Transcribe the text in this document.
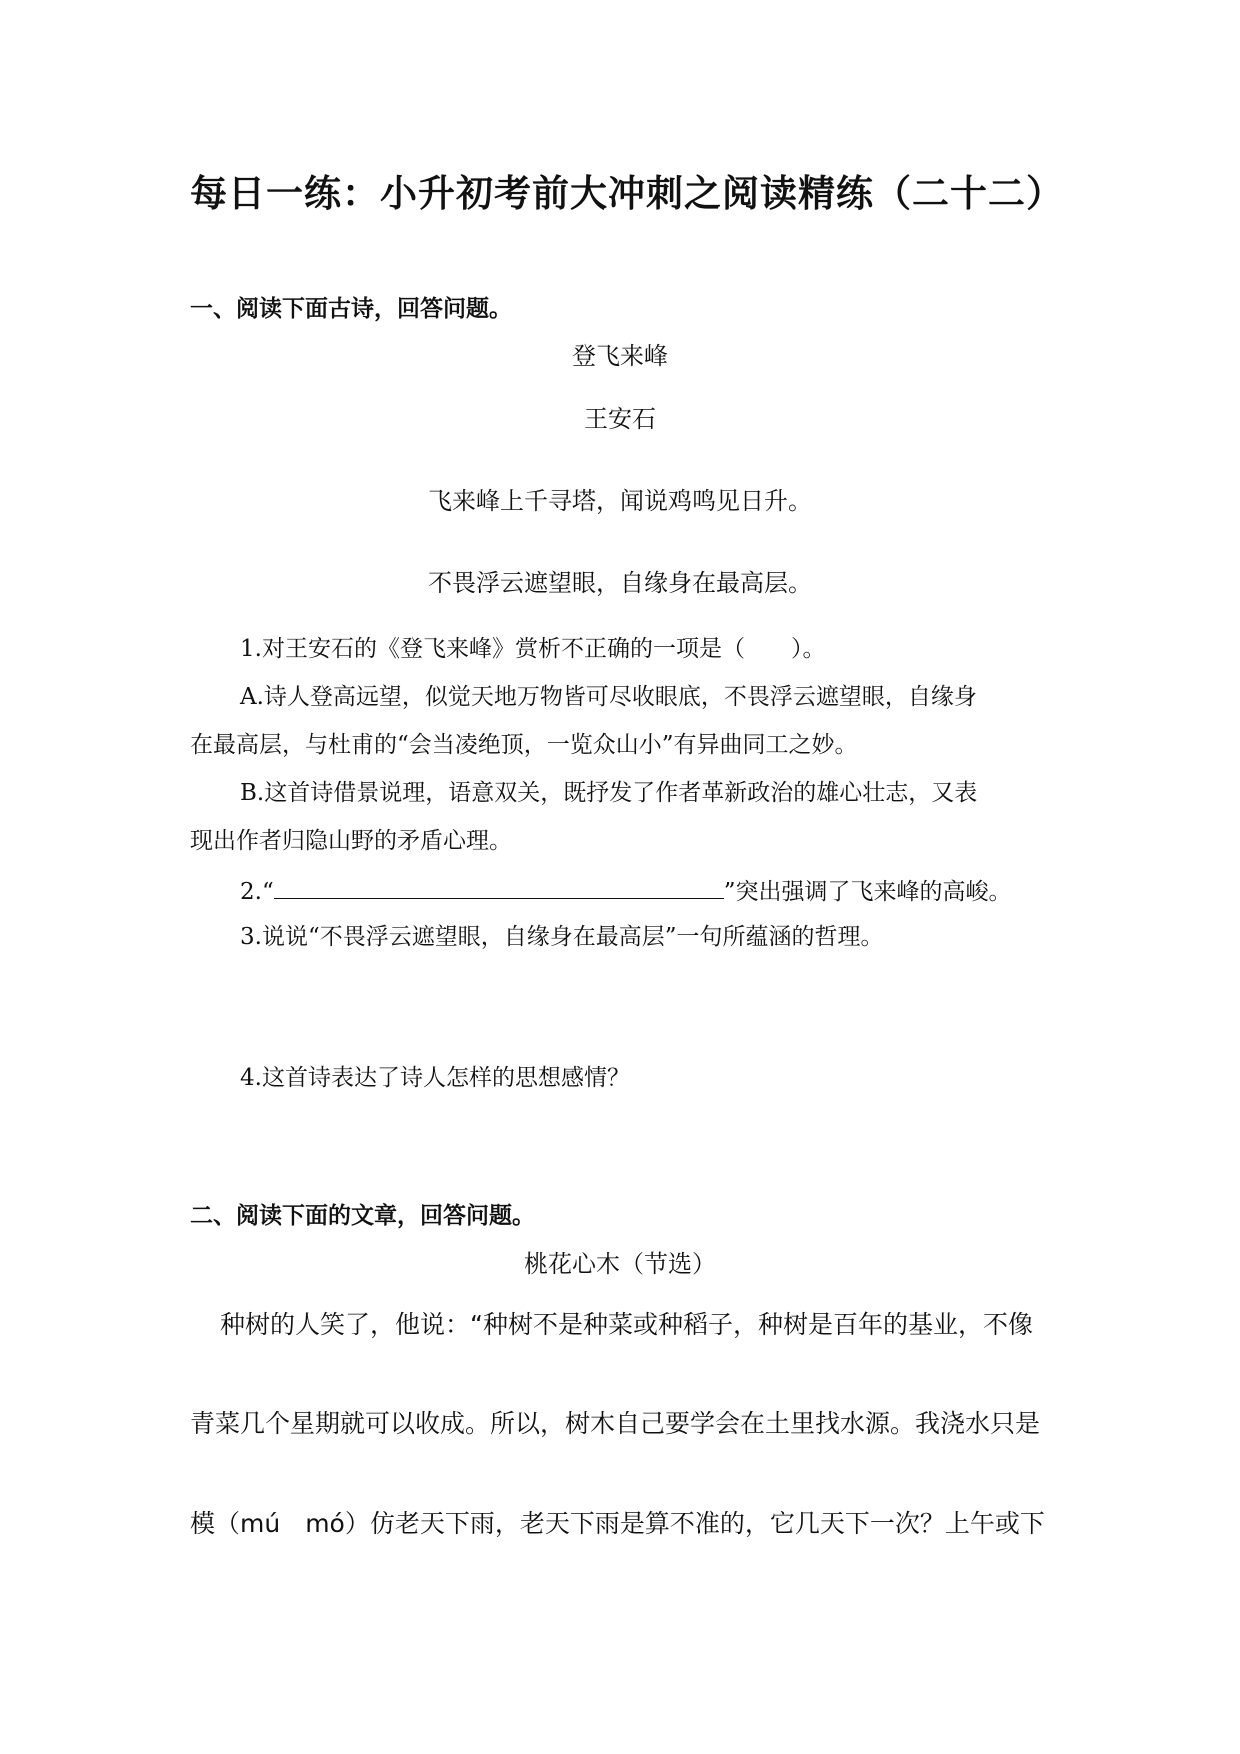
每日一练：小升初考前大冲刺之阅读精练（二十二）
一、阅读下面古诗，回答问题。
登飞来峰
王安石
飞来峰上千寻塔，闻说鸡鸣见日升。
不畏浮云遮望眼，自缘身在最高层。
1.对王安石的《登飞来峰》赏析不正确的一项是（　　）。
A.诗人登高远望，似觉天地万物皆可尽收眼底，不畏浮云遮望眼，自缘身
在最高层，与杜甫的“会当凌绝顶，一览众山小”有异曲同工之妙。
B.这首诗借景说理，语意双关，既抒发了作者革新政治的雄心壮志，又表
现出作者归隐山野的矛盾心理。
2.“	”突出强调了飞来峰的高峻。
3.说说“不畏浮云遮望眼，自缘身在最高层”一句所蕴涵的哲理。
4.这首诗表达了诗人怎样的思想感情？
二、阅读下面的文章，回答问题。
桃花心木（节选）
种树的人笑了，他说：“种树不是种菜或种稻子，种树是百年的基业，不像
青菜几个星期就可以收成。所以，树木自己要学会在土里找水源。我浇水只是
模（mú　mó）仿老天下雨，老天下雨是算不准的，它几天下一次？上午或下
